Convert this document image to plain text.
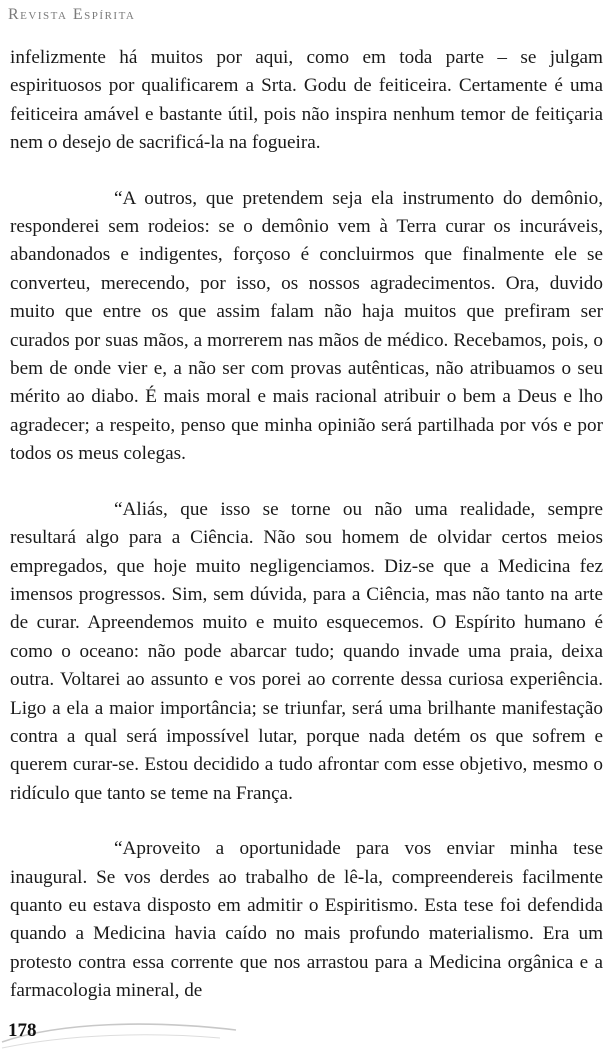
Revista Espírita

infelizmente há muitos por aqui, como em toda parte – se julgam espirituosos por qualificarem a Srta. Godu de feiticeira. Certamente é uma feiticeira amável e bastante útil, pois não inspira nenhum temor de feitiçaria nem o desejo de sacrificá-la na fogueira.

“A outros, que pretendem seja ela instrumento do demônio, responderei sem rodeios: se o demônio vem à Terra curar os incuráveis, abandonados e indigentes, forçoso é concluirmos que finalmente ele se converteu, merecendo, por isso, os nossos agradecimentos. Ora, duvido muito que entre os que assim falam não haja muitos que prefiram ser curados por suas mãos, a morrerem nas mãos de médico. Recebamos, pois, o bem de onde vier e, a não ser com provas autênticas, não atribuamos o seu mérito ao diabo. É mais moral e mais racional atribuir o bem a Deus e lho agradecer; a respeito, penso que minha opinião será partilhada por vós e por todos os meus colegas.

“Aliás, que isso se torne ou não uma realidade, sempre resultará algo para a Ciência. Não sou homem de olvidar certos meios empregados, que hoje muito negligenciamos. Diz-se que a Medicina fez imensos progressos. Sim, sem dúvida, para a Ciência, mas não tanto na arte de curar. Apreendemos muito e muito esquecemos. O Espírito humano é como o oceano: não pode abarcar tudo; quando invade uma praia, deixa outra. Voltarei ao assunto e vos porei ao corrente dessa curiosa experiência. Ligo a ela a maior importância; se triunfar, será uma brilhante manifestação contra a qual será impossível lutar, porque nada detém os que sofrem e querem curar-se. Estou decidido a tudo afrontar com esse objetivo, mesmo o ridículo que tanto se teme na França.

“Aproveito a oportunidade para vos enviar minha tese inaugural. Se vos derdes ao trabalho de lê-la, compreendereis facilmente quanto eu estava disposto em admitir o Espiritismo. Esta tese foi defendida quando a Medicina havia caído no mais profundo materialismo. Era um protesto contra essa corrente que nos arrastou para a Medicina orgânica e a farmacologia mineral, de

178
